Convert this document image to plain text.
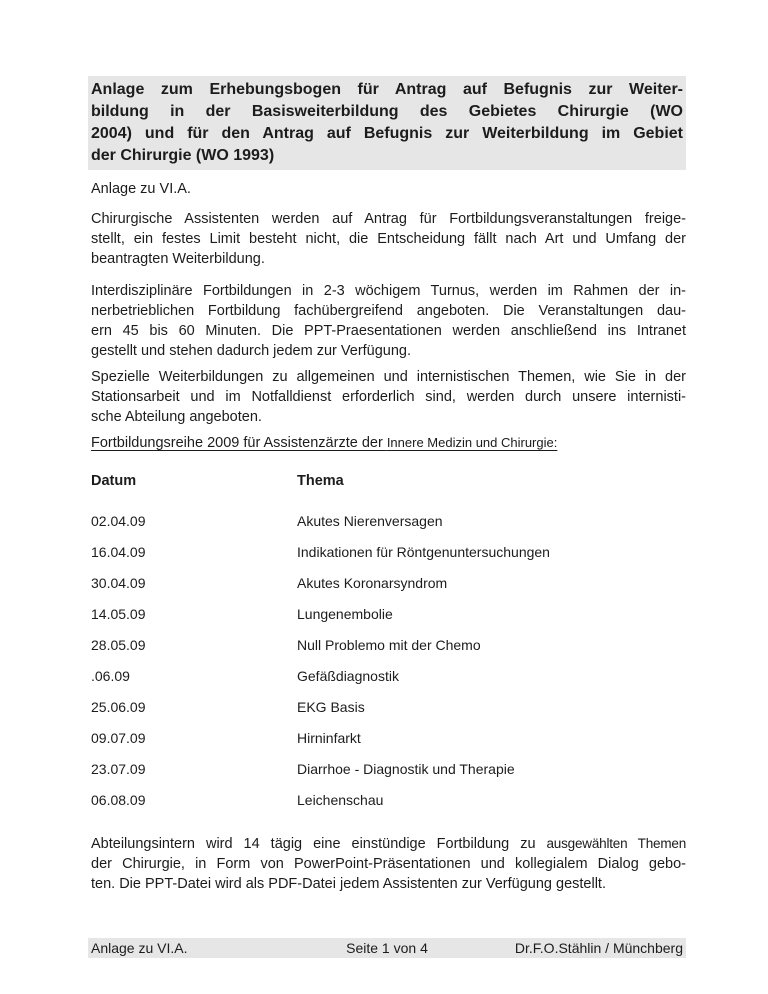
Anlage zum Erhebungsbogen für Antrag auf Befugnis zur Weiter-
bildung in der Basisweiterbildung des Gebietes Chirurgie (WO
2004) und für den Antrag auf Befugnis zur Weiterbildung im Gebiet
der Chirurgie (WO 1993)
Anlage zu VI.A.
Chirurgische Assistenten werden auf Antrag für Fortbildungsveranstaltungen freige-
stellt, ein festes Limit besteht nicht, die Entscheidung fällt nach Art und Umfang der
beantragten Weiterbildung.
Interdisziplinäre Fortbildungen in 2-3 wöchigem Turnus, werden im Rahmen der in-
nerbetrieblichen Fortbildung fachübergreifend angeboten. Die Veranstaltungen dau-
ern 45 bis 60 Minuten. Die PPT-Praesentationen werden anschließend ins Intranet
gestellt und stehen dadurch jedem zur Verfügung.
Spezielle Weiterbildungen zu allgemeinen und internistischen Themen, wie Sie in der
Stationsarbeit und im Notfalldienst erforderlich sind, werden durch unsere internisti-
sche Abteilung angeboten.
Fortbildungsreihe 2009 für Assistenzärzte der Innere Medizin und Chirurgie:
Datum	Thema
02.04.09	Akutes Nierenversagen
16.04.09	Indikationen für Röntgenuntersuchungen
30.04.09	Akutes Koronarsyndrom
14.05.09	Lungenembolie
28.05.09	Null Problemo mit der Chemo
.06.09	Gefäßdiagnostik
25.06.09	EKG Basis
09.07.09	Hirninfarkt
23.07.09	Diarrhoe - Diagnostik und Therapie
06.08.09	Leichenschau
Abteilungsintern wird 14 tägig eine einstündige Fortbildung zu ausgewählten Themen
der Chirurgie, in Form von PowerPoint-Präsentationen und kollegialem Dialog gebo-
ten. Die PPT-Datei wird als PDF-Datei jedem Assistenten zur Verfügung gestellt.
Anlage zu VI.A.	Seite 1 von 4	Dr.F.O.Stählin / Münchberg
